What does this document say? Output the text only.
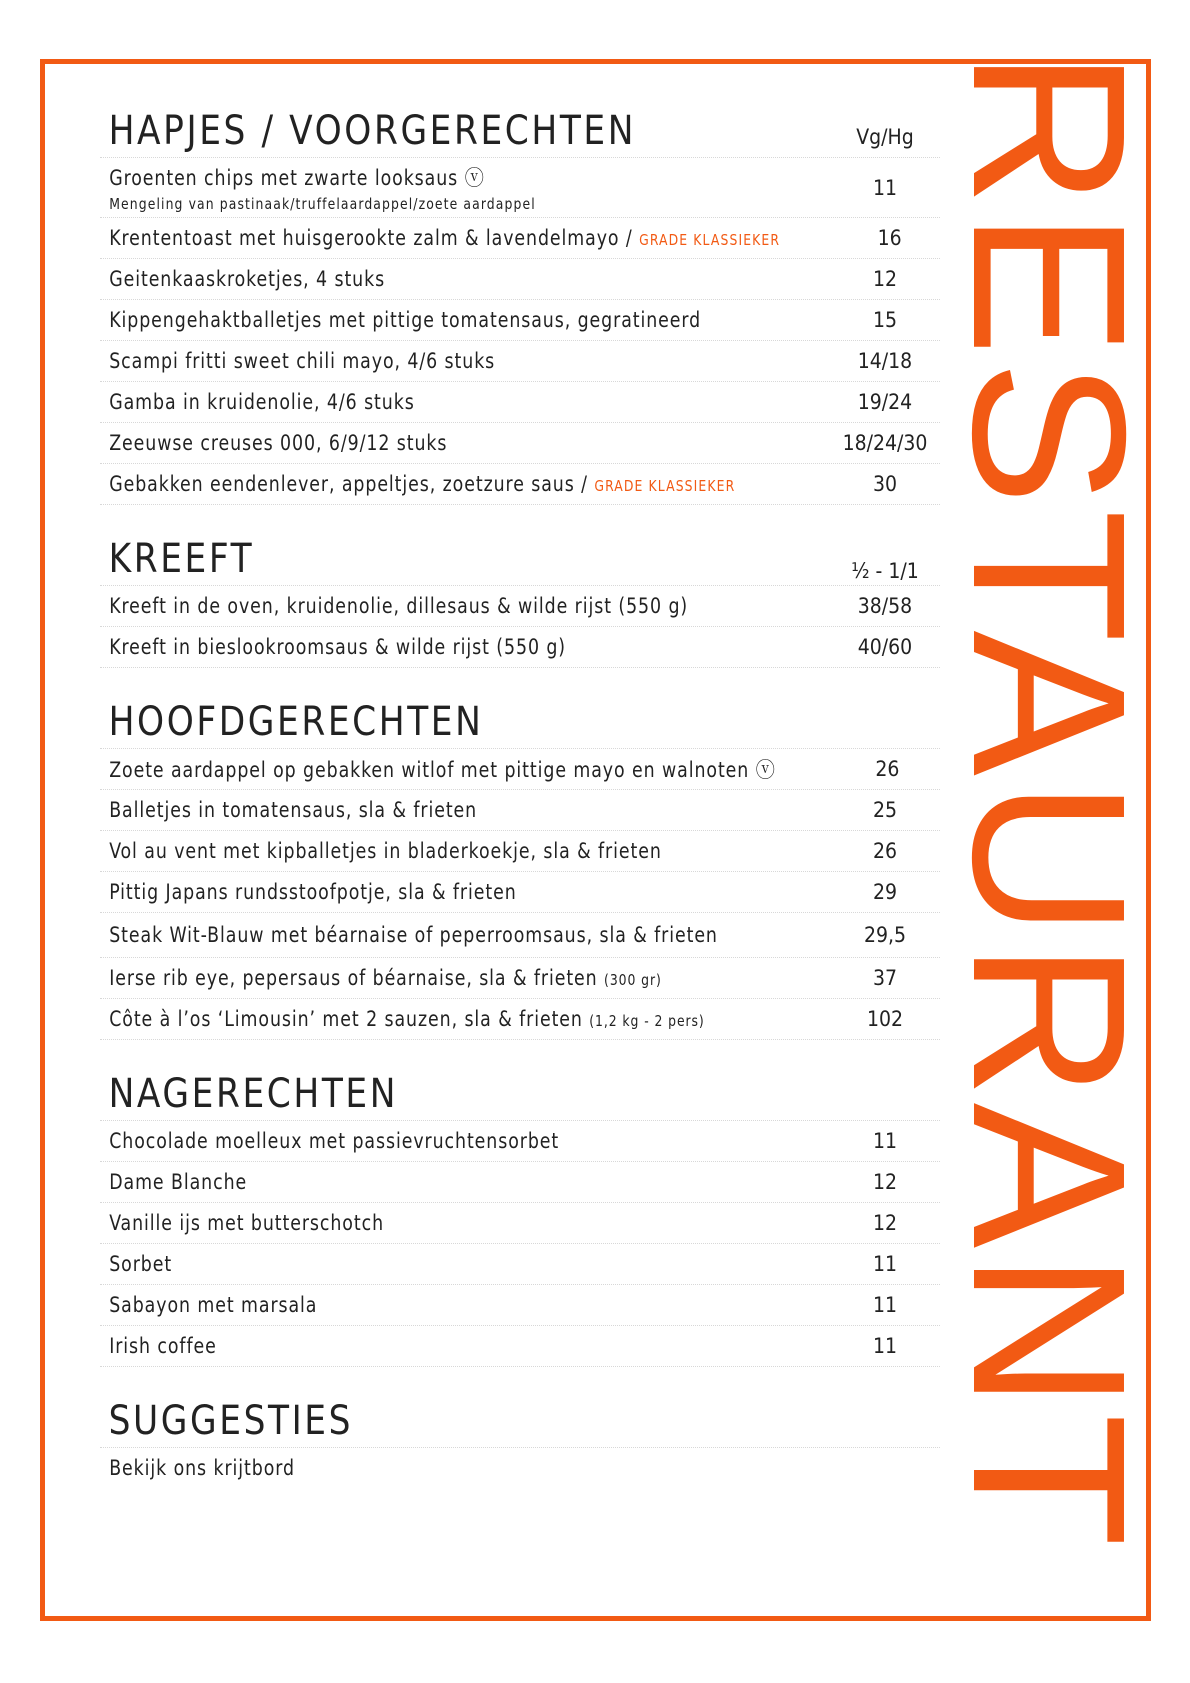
RESTAURANT
HAPJES / VOORGERECHTEN	Vg/Hg
Groenten chips met zwarte looksaus ⓥ
Mengeling van pastinaak/truffelaardappel/zoete aardappel
11
Krententoast met huisgerookte zalm & lavendelmayo / GRADE KLASSIEKER	16
Geitenkaaskroketjes, 4 stuks	12
Kippengehaktballetjes met pittige tomatensaus, gegratineerd	15
Scampi fritti sweet chili mayo, 4/6 stuks	14/18
Gamba in kruidenolie, 4/6 stuks	19/24
Zeeuwse creuses 000, 6/9/12 stuks	18/24/30
Gebakken eendenlever, appeltjes, zoetzure saus / GRADE KLASSIEKER	30
KREEFT	½ - 1/1
Kreeft in de oven, kruidenolie, dillesaus & wilde rijst (550 g)	38/58
Kreeft in bieslookroomsaus & wilde rijst (550 g)	40/60
HOOFDGERECHTEN
Zoete aardappel op gebakken witlof met pittige mayo en walnoten ⓥ	26
Balletjes in tomatensaus, sla & frieten	25
Vol au vent met kipballetjes in bladerkoekje, sla & frieten	26
Pittig Japans rundsstoofpotje, sla & frieten	29
Steak Wit-Blauw met béarnaise of peperroomsaus, sla & frieten	29,5
Ierse rib eye, pepersaus of béarnaise, sla & frieten (300 gr)	37
Côte à l’os ‘Limousin’ met 2 sauzen, sla & frieten (1,2 kg - 2 pers)	102
NAGERECHTEN
Chocolade moelleux met passievruchtensorbet	11
Dame Blanche	12
Vanille ijs met butterschotch	12
Sorbet	11
Sabayon met marsala	11
Irish coffee	11
SUGGESTIES
Bekijk ons krijtbord
